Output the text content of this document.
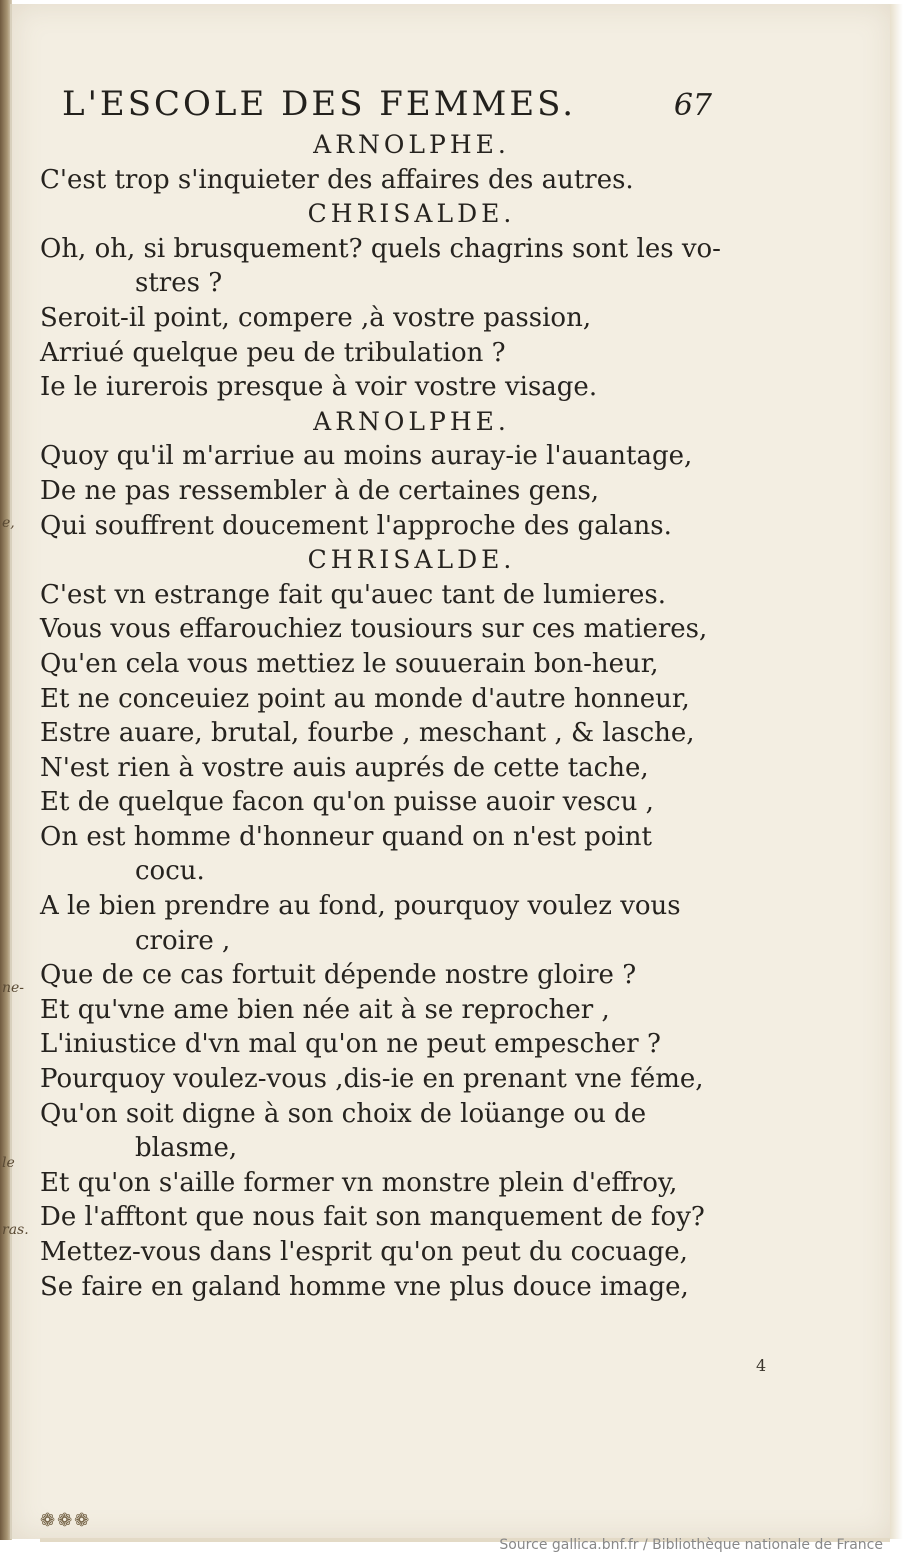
e,
ne-
le
ras.
L'ESCOLE DES FEMMES.	67
ARNOLPHE.
C'est trop s'inquieter des affaires des autres.
CHRISALDE.
Oh, oh, si brusquement? quels chagrins sont les vo-
stres ?
Seroit-il point, compere ,à vostre passion,
Arriué quelque peu de tribulation ?
Ie le iurerois presque à voir vostre visage.
ARNOLPHE.
Quoy qu'il m'arriue au moins auray-ie l'auantage,
De ne pas ressembler à de certaines gens,
Qui souffrent doucement l'approche des galans.
CHRISALDE.
C'est vn estrange fait qu'auec tant de lumieres.
Vous vous effarouchiez tousiours sur ces matieres,
Qu'en cela vous mettiez le souuerain bon-heur,
Et ne conceuiez point au monde d'autre honneur,
Estre auare, brutal, fourbe , meschant , & lasche,
N'est rien à vostre auis auprés de cette tache,
Et de quelque facon qu'on puisse auoir vescu ,
On est homme d'honneur quand on n'est point
cocu.
A le bien prendre au fond, pourquoy voulez vous
croire ,
Que de ce cas fortuit dépende nostre gloire ?
Et qu'vne ame bien née ait à se reprocher ,
L'iniustice d'vn mal qu'on ne peut empescher ?
Pourquoy voulez-vous ,dis-ie en prenant vne féme,
Qu'on soit digne à son choix de loüange ou de
blasme,
Et qu'on s'aille former vn monstre plein d'effroy,
De l'afftont que nous fait son manquement de foy?
Mettez-vous dans l'esprit qu'on peut du cocuage,
Se faire en galand homme vne plus douce image,
4
❁❁❁
Source gallica.bnf.fr / Bibliothèque nationale de France
